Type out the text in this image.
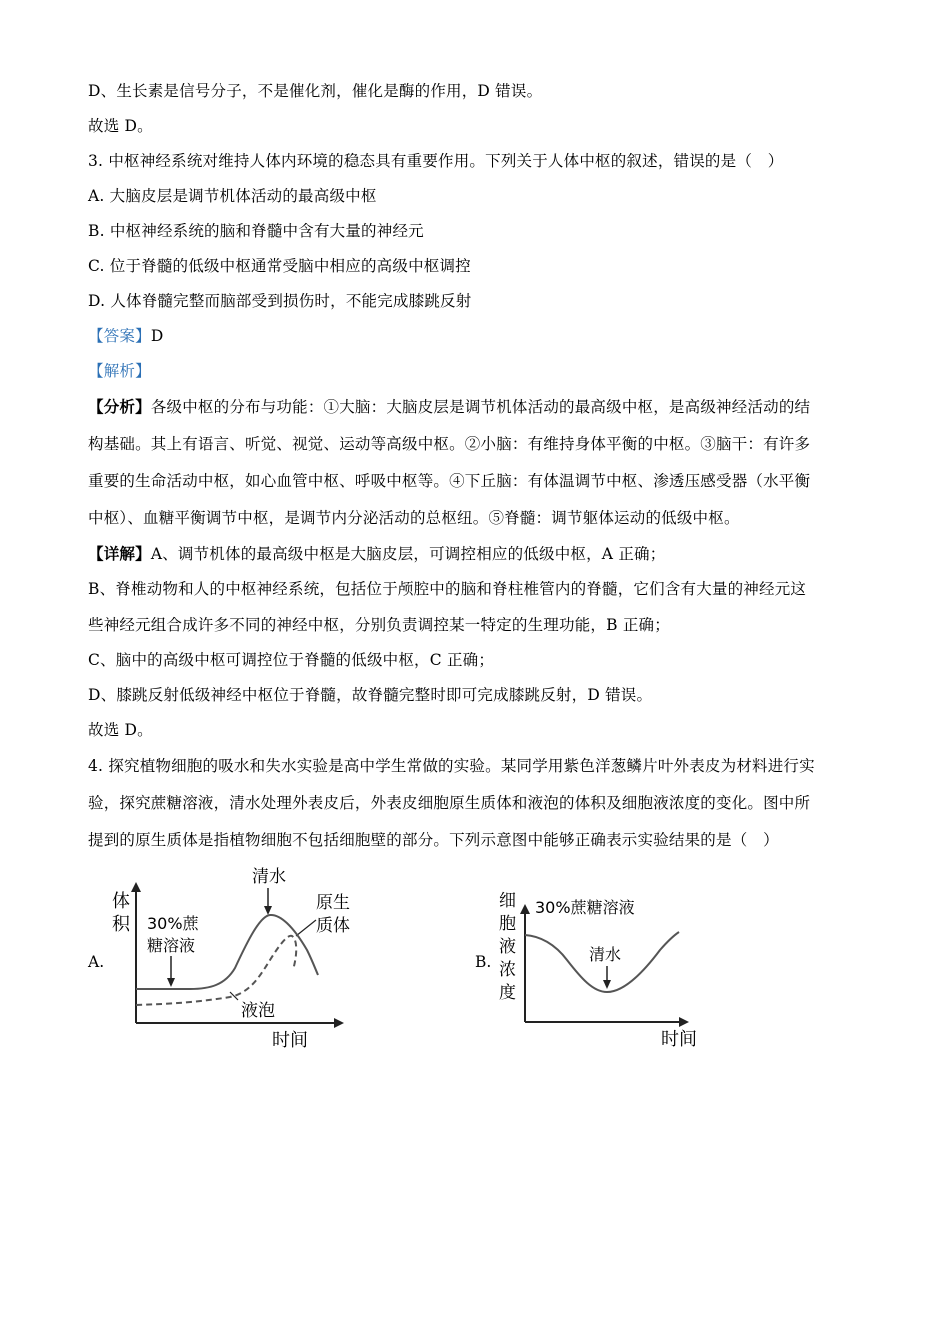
D、生长素是信号分子，不是催化剂，催化是酶的作用，D 错误。
故选 D。
3. 中枢神经系统对维持人体内环境的稳态具有重要作用。下列关于人体中枢的叙述，错误的是（　）
A. 大脑皮层是调节机体活动的最高级中枢
B. 中枢神经系统的脑和脊髓中含有大量的神经元
C. 位于脊髓的低级中枢通常受脑中相应的高级中枢调控
D. 人体脊髓完整而脑部受到损伤时，不能完成膝跳反射
【答案】D
【解析】
【分析】各级中枢的分布与功能：①大脑：大脑皮层是调节机体活动的最高级中枢，是高级神经活动的结
构基础。其上有语言、听觉、视觉、运动等高级中枢。②小脑：有维持身体平衡的中枢。③脑干：有许多
重要的生命活动中枢，如心血管中枢、呼吸中枢等。④下丘脑：有体温调节中枢、渗透压感受器（水平衡
中枢）、血糖平衡调节中枢，是调节内分泌活动的总枢纽。⑤脊髓：调节躯体运动的低级中枢。
【详解】A、调节机体的最高级中枢是大脑皮层，可调控相应的低级中枢，A 正确；
B、脊椎动物和人的中枢神经系统，包括位于颅腔中的脑和脊柱椎管内的脊髓，它们含有大量的神经元这
些神经元组合成许多不同的神经中枢，分别负责调控某一特定的生理功能，B 正确；
C、脑中的高级中枢可调控位于脊髓的低级中枢，C 正确；
D、膝跳反射低级神经中枢位于脊髓，故脊髓完整时即可完成膝跳反射，D 错误。
故选 D。
4. 探究植物细胞的吸水和失水实验是高中学生常做的实验。某同学用紫色洋葱鳞片叶外表皮为材料进行实
验，探究蔗糖溶液，清水处理外表皮后，外表皮细胞原生质体和液泡的体积及细胞液浓度的变化。图中所
提到的原生质体是指植物细胞不包括细胞壁的部分。下列示意图中能够正确表示实验结果的是（　）
A.
体
积 30%蔗
糖溶液
清水
原生
质体
液泡
时间
B.
细
胞
液
浓
度
30%蔗糖溶液
清水
时间
